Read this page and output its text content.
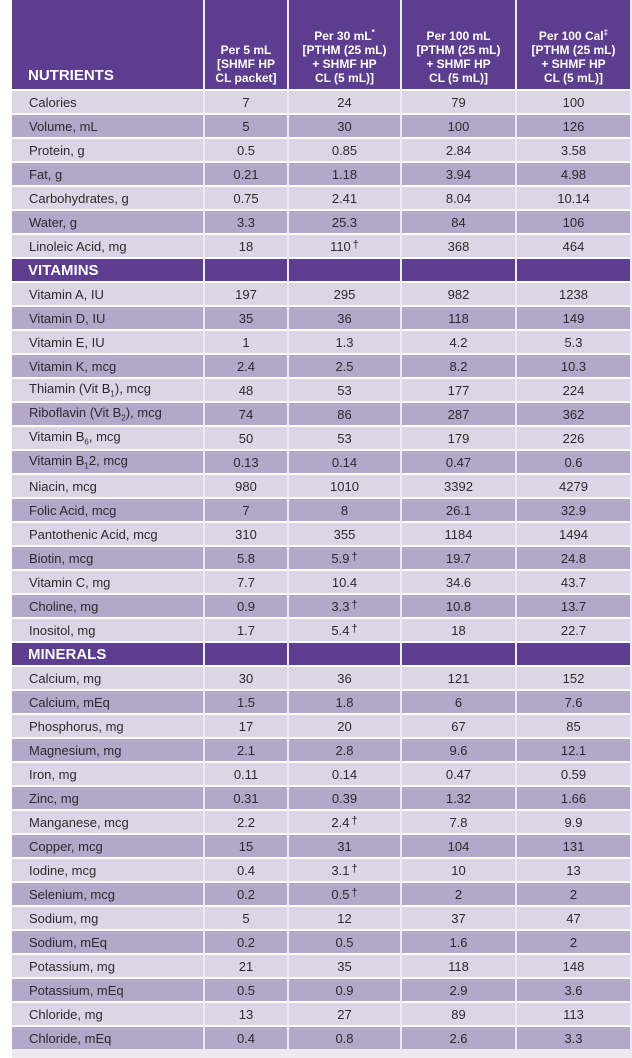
NUTRIENTS	Per 5 mL
[SHMF HP
CL packet]	Per 30 mL*
[PTHM (25 mL)
+ SHMF HP
CL (5 mL)]	Per 100 mL
[PTHM (25 mL)
+ SHMF HP
CL (5 mL)]	Per 100 Cal‡
[PTHM (25 mL)
+ SHMF HP
CL (5 mL)]
Calories	7	24	79	100
Volume, mL	5	30	100	126
Protein, g	0.5	0.85	2.84	3.58
Fat, g	0.21	1.18	3.94	4.98
Carbohydrates, g	0.75	2.41	8.04	10.14
Water, g	3.3	25.3	84	106
Linoleic Acid, mg	18	110 †	368	464
VITAMINS				
Vitamin A, IU	197	295	982	1238
Vitamin D, IU	35	36	118	149
Vitamin E, IU	1	1.3	4.2	5.3
Vitamin K, mcg	2.4	2.5	8.2	10.3
Thiamin (Vit $B_1$), mcg	48	53	177	224
Riboflavin (Vit $B_2$), mcg	74	86	287	362
Vitamin $B_6$, mcg	50	53	179	226
Vitamin $B_12$, mcg	0.13	0.14	0.47	0.6
Niacin, mcg	980	1010	3392	4279
Folic Acid, mcg	7	8	26.1	32.9
Pantothenic Acid, mcg	310	355	1184	1494
Biotin, mcg	5.8	5.9 †	19.7	24.8
Vitamin C, mg	7.7	10.4	34.6	43.7
Choline, mg	0.9	3.3 †	10.8	13.7
Inositol, mg	1.7	5.4 †	18	22.7
MINERALS				
Calcium, mg	30	36	121	152
Calcium, mEq	1.5	1.8	6	7.6
Phosphorus, mg	17	20	67	85
Magnesium, mg	2.1	2.8	9.6	12.1
Iron, mg	0.11	0.14	0.47	0.59
Zinc, mg	0.31	0.39	1.32	1.66
Manganese, mcg	2.2	2.4 †	7.8	9.9
Copper, mcg	15	31	104	131
Iodine, mcg	0.4	3.1 †	10	13
Selenium, mcg	0.2	0.5 †	2	2
Sodium, mg	5	12	37	47
Sodium, mEq	0.2	0.5	1.6	2
Potassium, mg	21	35	118	148
Potassium, mEq	0.5	0.9	2.9	3.6
Chloride, mg	13	27	89	113
Chloride, mEq	0.4	0.8	2.6	3.3
